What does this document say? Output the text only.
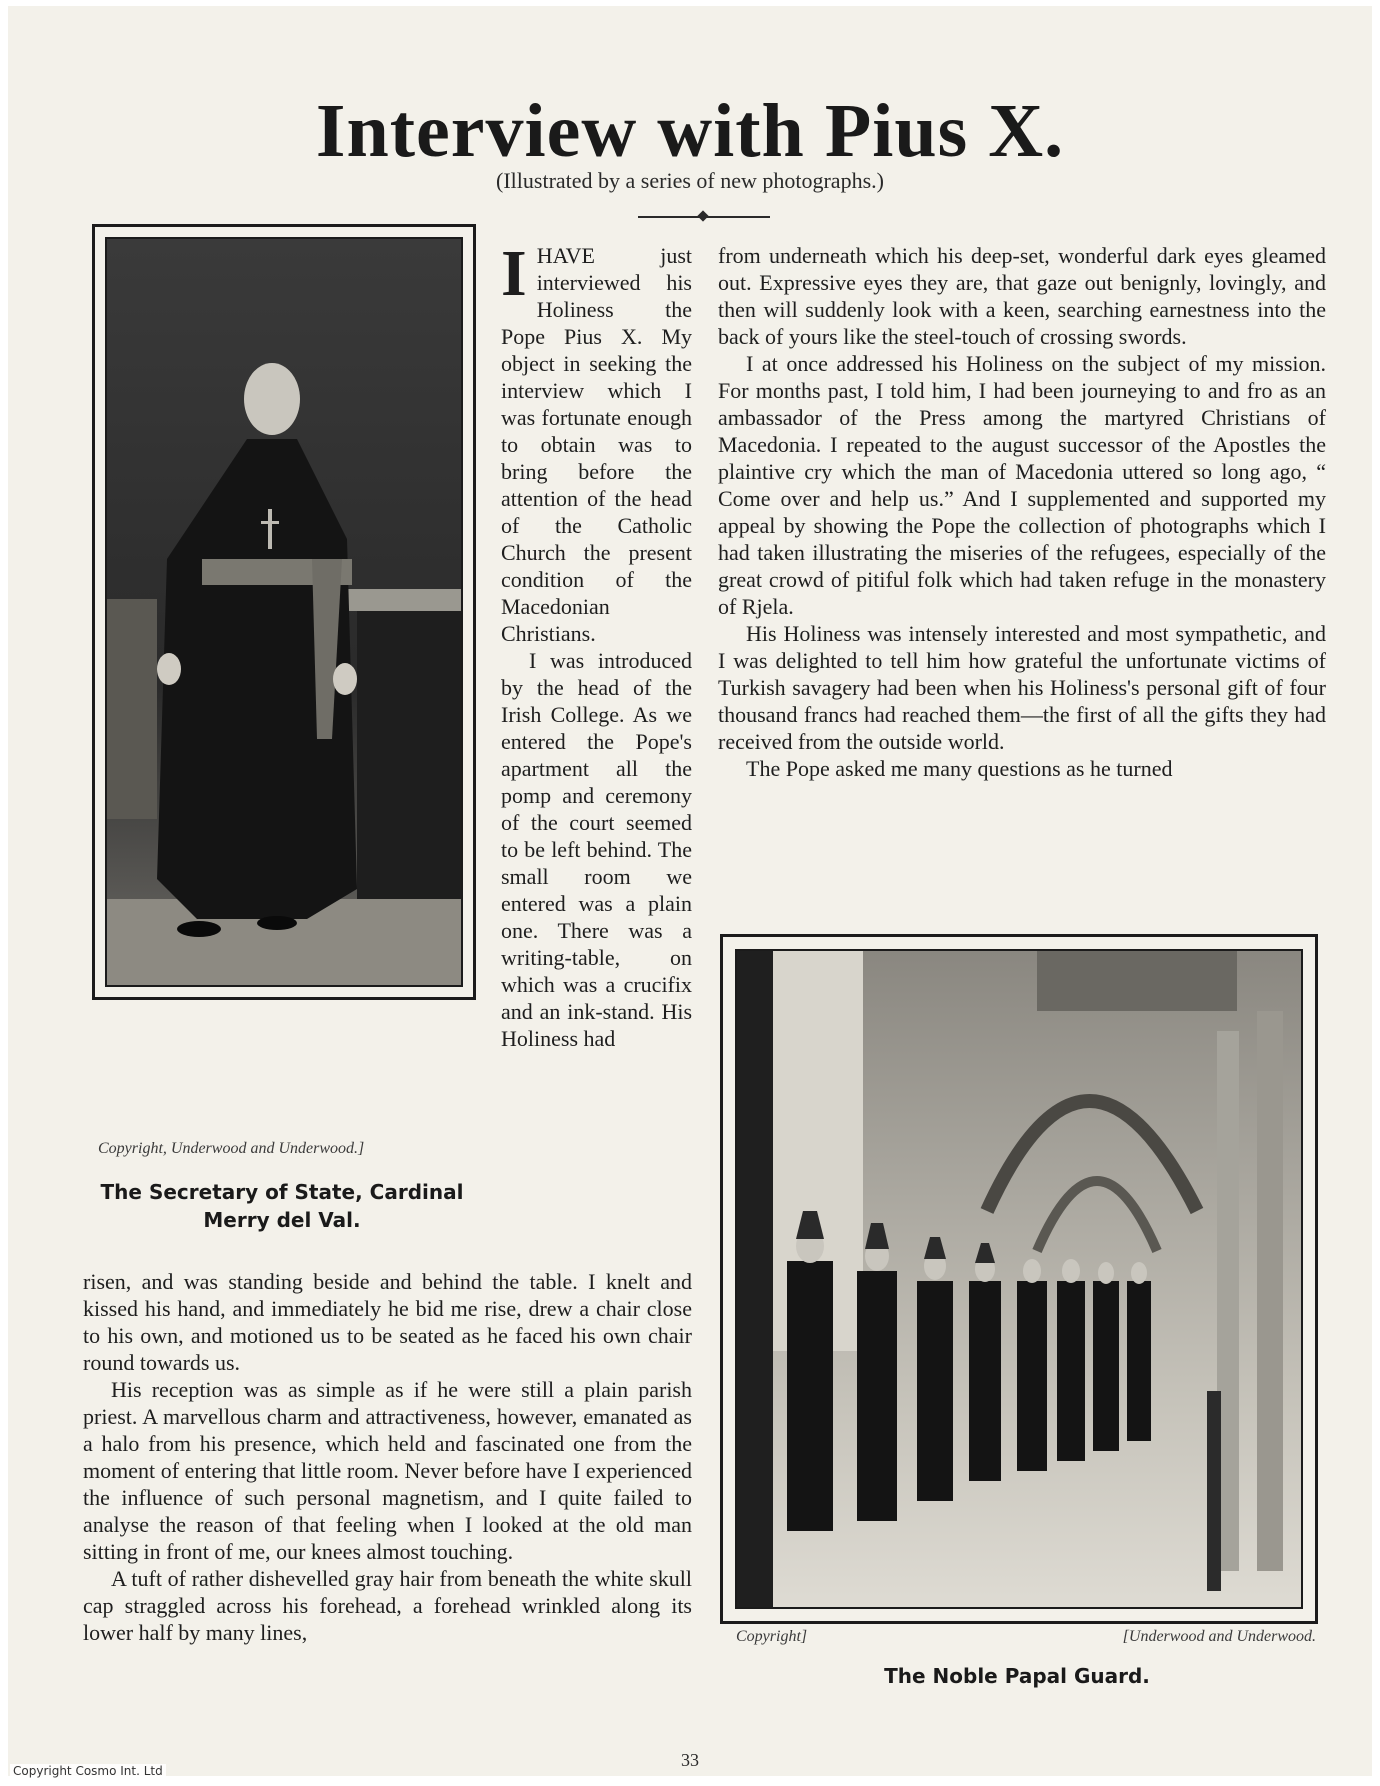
Interview with Pius X.
(Illustrated by a series of new photographs.)
Copyright, Underwood and Underwood.]
The Secretary of State, Cardinal
Merry del Val.

I HAVE just interviewed his Holiness the Pope Pius X. My object in seeking the interview which I was fortunate enough to obtain was to bring before the attention of the head of the Catholic Church the present condition of the Macedonian Christians.

I was introduced by the head of the Irish College. As we entered the Pope's apartment all the pomp and ceremony of the court seemed to be left behind. The small room we entered was a plain one. There was a writing-table, on which was a crucifix and an ink-stand. His Holiness had

risen, and was standing beside and behind the table. I knelt and kissed his hand, and immediately he bid me rise, drew a chair close to his own, and motioned us to be seated as he faced his own chair round towards us.

His reception was as simple as if he were still a plain parish priest. A marvellous charm and attractiveness, however, emanated as a halo from his presence, which held and fascinated one from the moment of entering that little room. Never before have I experienced the influence of such personal magnetism, and I quite failed to analyse the reason of that feeling when I looked at the old man sitting in front of me, our knees almost touching.

A tuft of rather dishevelled gray hair from beneath the white skull cap straggled across his forehead, a forehead wrinkled along its lower half by many lines,

from underneath which his deep-set, wonderful dark eyes gleamed out. Expressive eyes they are, that gaze out benignly, lovingly, and then will suddenly look with a keen, searching earnestness into the back of yours like the steel-touch of crossing swords.

I at once addressed his Holiness on the subject of my mission. For months past, I told him, I had been journeying to and fro as an ambassador of the Press among the martyred Christians of Macedonia. I repeated to the august successor of the Apostles the plaintive cry which the man of Macedonia uttered so long ago, “ Come over and help us.” And I supplemented and supported my appeal by showing the Pope the collection of photographs which I had taken illustrating the miseries of the refugees, especially of the great crowd of pitiful folk which had taken refuge in the monastery of Rjela.

His Holiness was intensely interested and most sympathetic, and I was delighted to tell him how grateful the unfortunate victims of Turkish savagery had been when his Holiness's personal gift of four thousand francs had reached them—the first of all the gifts they had received from the outside world.

The Pope asked me many questions as he turned

Copyright]	[Underwood and Underwood.
The Noble Papal Guard.
33
Copyright Cosmo Int. Ltd
